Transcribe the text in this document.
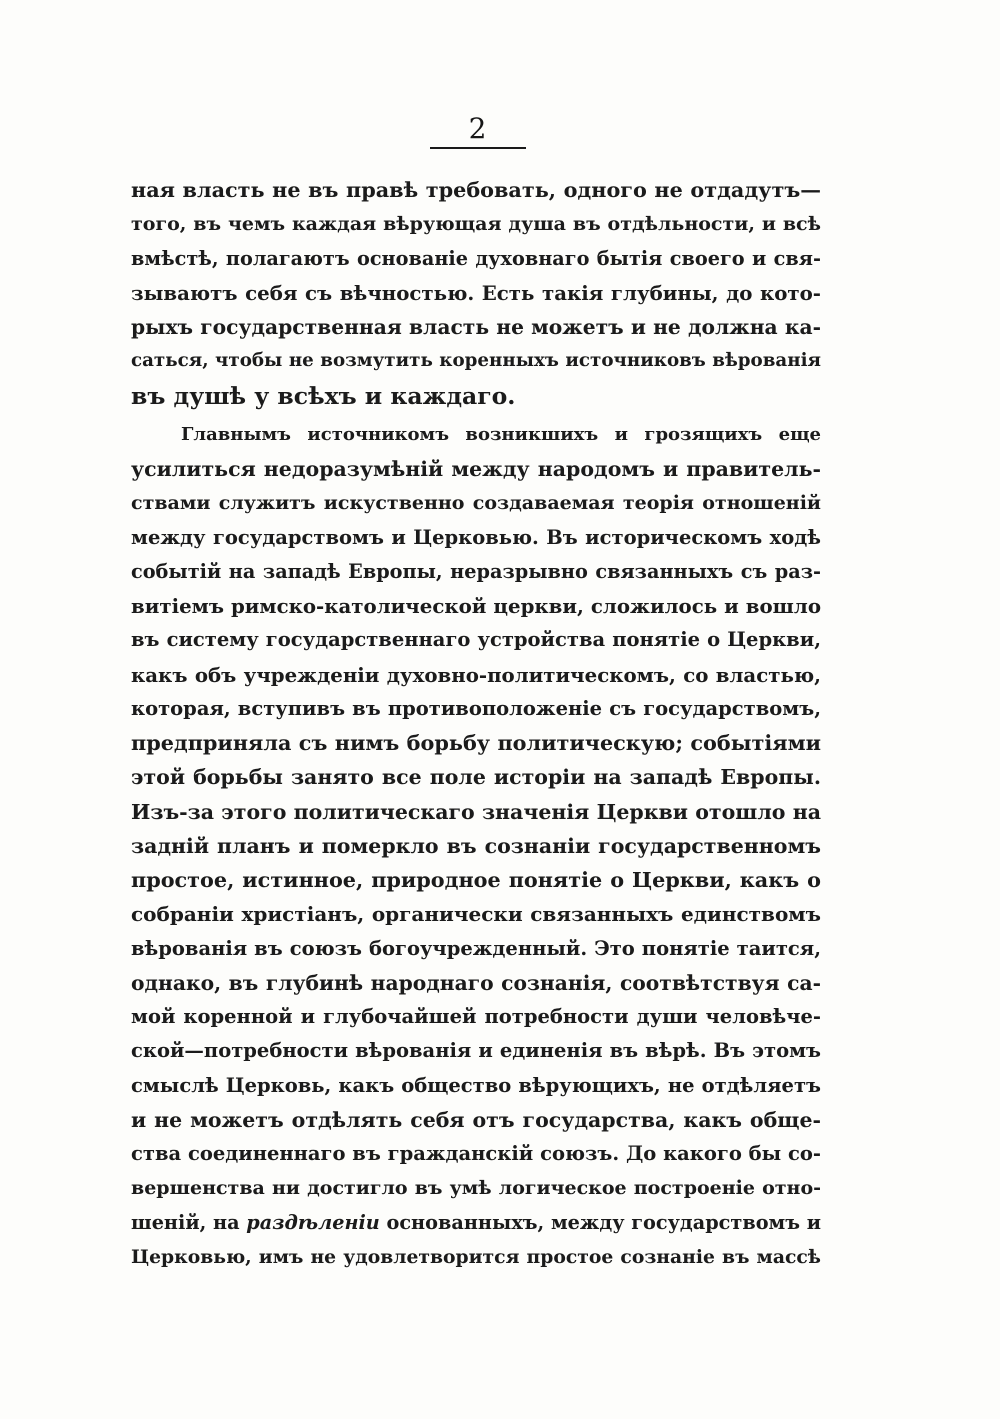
2
ная власть не въ правѣ требовать, одного не отдадутъ—
того, въ чемъ каждая вѣрующая душа въ отдѣльности, и всѣ
вмѣстѣ, полагаютъ основаніе духовнаго бытія своего и свя-
зываютъ себя съ вѣчностью. Есть такія глубины, до кото-
рыхъ государственная власть не можетъ и не должна ка-
саться, чтобы не возмутить коренныхъ источниковъ вѣрованія
въ душѣ у всѣхъ и каждаго.
Главнымъ источникомъ возникшихъ и грозящихъ еще
усилиться недоразумѣній между народомъ и правитель-
ствами служитъ искуственно создаваемая теорія отношеній
между государствомъ и Церковью. Въ историческомъ ходѣ
событій на западѣ Европы, неразрывно связанныхъ съ раз-
витіемъ римско-католической церкви, сложилось и вошло
въ систему государственнаго устройства понятіе о Церкви,
какъ объ учрежденіи духовно-политическомъ, со властью,
которая, вступивъ въ противоположеніе съ государствомъ,
предприняла съ нимъ борьбу политическую; событіями
этой борьбы занято все поле исторіи на западѣ Европы.
Изъ-за этого политическаго значенія Церкви отошло на
заднiй планъ и померкло въ сознаніи государственномъ
простое, истинное, природное понятіе о Церкви, какъ о
собраніи христіанъ, органически связанныхъ единствомъ
вѣрованія въ союзъ богоучрежденный. Это понятіе таится,
однако, въ глубинѣ народнаго сознанія, соотвѣтствуя са-
мой коренной и глубочайшей потребности души человѣче-
ской—потребности вѣрованія и единенія въ вѣрѣ. Въ этомъ
смыслѣ Церковь, какъ общество вѣрующихъ, не отдѣляетъ
и не можетъ отдѣлять себя отъ государства, какъ обще-
ства соединеннаго въ гражданскій союзъ. До какого бы со-
вершенства ни достигло въ умѣ логическое построеніе отно-
шеній, на раздѣленіи основанныхъ, между государствомъ и
Церковью, имъ не удовлетворится простое сознаніе въ массѣ
